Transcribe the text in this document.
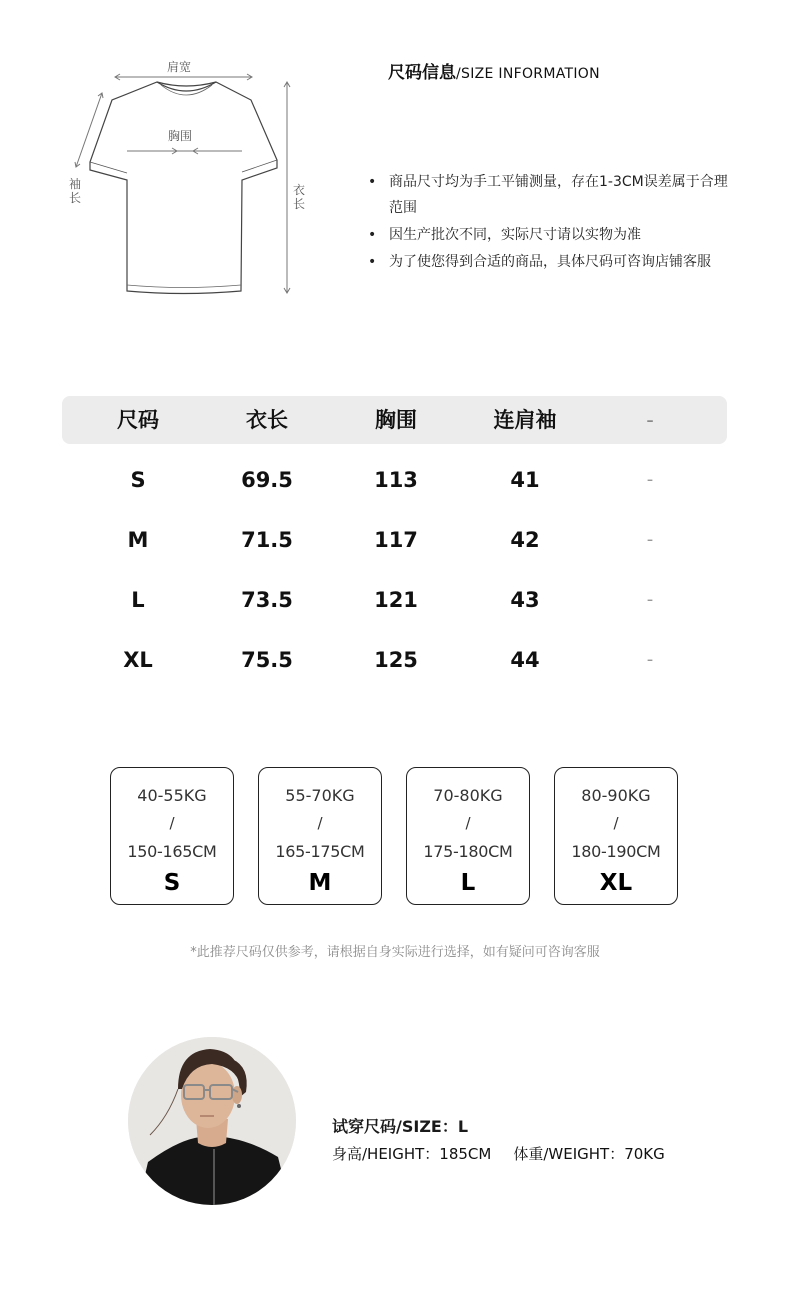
肩宽
胸围
袖长
衣长
尺码信息/SIZE INFORMATION
• 商品尺寸均为手工平铺测量，存在1-3CM误差属于合理范围
• 因生产批次不同，实际尺寸请以实物为准
• 为了使您得到合适的商品，具体尺码可咨询店铺客服
尺码	衣长	胸围	连肩袖	-
S	69.5	113	41	-
M	71.5	117	42	-
L	73.5	121	43	-
XL	75.5	125	44	-
40-55KG
/
150-165CM
S
55-70KG
/
165-175CM
M
70-80KG
/
175-180CM
L
80-90KG
/
180-190CM
XL
*此推荐尺码仅供参考，请根据自身实际进行选择，如有疑问可咨询客服
试穿尺码/SIZE：L
身高/HEIGHT：185CM 体重/WEIGHT：70KG
